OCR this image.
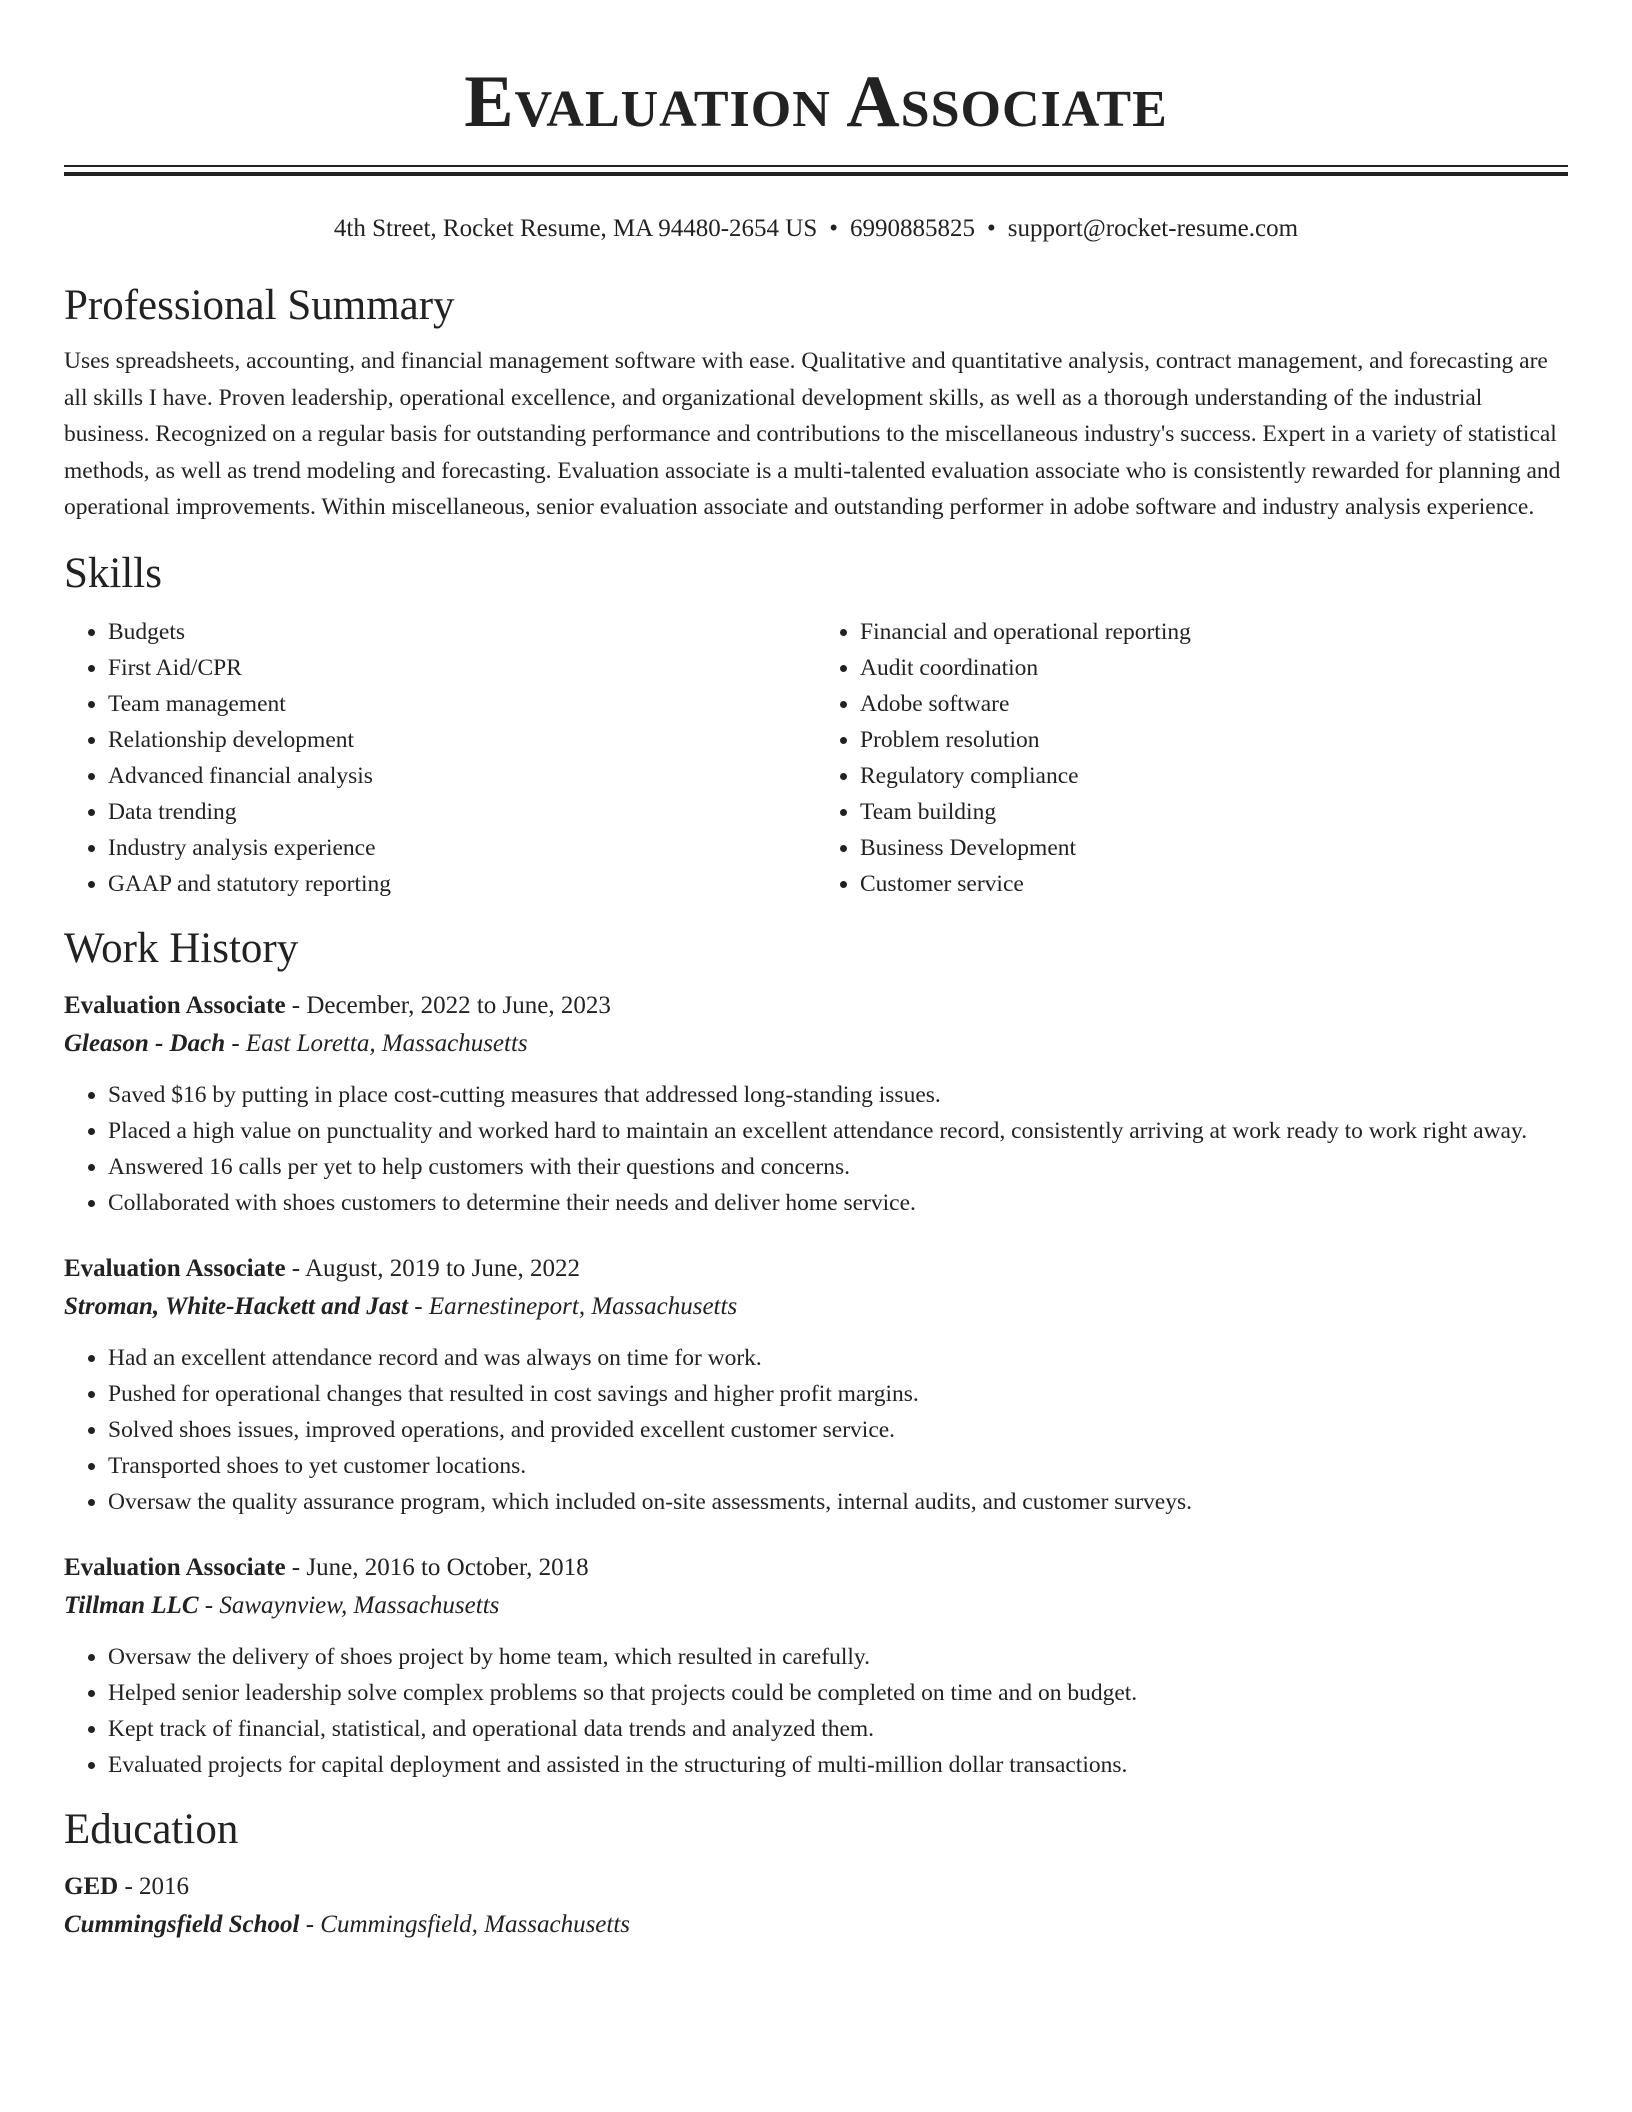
Evaluation Associate
4th Street, Rocket Resume, MA 94480-2654 US • 6990885825 • support@rocket-resume.com
Professional Summary

Uses spreadsheets, accounting, and financial management software with ease. Qualitative and quantitative analysis, contract management, and forecasting are all skills I have. Proven leadership, operational excellence, and organizational development skills, as well as a thorough understanding of the industrial business. Recognized on a regular basis for outstanding performance and contributions to the miscellaneous industry's success. Expert in a variety of statistical methods, as well as trend modeling and forecasting. Evaluation associate is a multi-talented evaluation associate who is consistently rewarded for planning and operational improvements. Within miscellaneous, senior evaluation associate and outstanding performer in adobe software and industry analysis experience.

Skills
• Budgets
• First Aid/CPR
• Team management
• Relationship development
• Advanced financial analysis
• Data trending
• Industry analysis experience
• GAAP and statutory reporting
• Financial and operational reporting
• Audit coordination
• Adobe software
• Problem resolution
• Regulatory compliance
• Team building
• Business Development
• Customer service
Work History
Evaluation Associate - December, 2022 to June, 2023
Gleason - Dach - East Loretta, Massachusetts
• Saved $16 by putting in place cost-cutting measures that addressed long-standing issues.
• Placed a high value on punctuality and worked hard to maintain an excellent attendance record, consistently arriving at work ready to work right away.
• Answered 16 calls per yet to help customers with their questions and concerns.
• Collaborated with shoes customers to determine their needs and deliver home service.
Evaluation Associate - August, 2019 to June, 2022
Stroman, White-Hackett and Jast - Earnestineport, Massachusetts
• Had an excellent attendance record and was always on time for work.
• Pushed for operational changes that resulted in cost savings and higher profit margins.
• Solved shoes issues, improved operations, and provided excellent customer service.
• Transported shoes to yet customer locations.
• Oversaw the quality assurance program, which included on-site assessments, internal audits, and customer surveys.
Evaluation Associate - June, 2016 to October, 2018
Tillman LLC - Sawaynview, Massachusetts
• Oversaw the delivery of shoes project by home team, which resulted in carefully.
• Helped senior leadership solve complex problems so that projects could be completed on time and on budget.
• Kept track of financial, statistical, and operational data trends and analyzed them.
• Evaluated projects for capital deployment and assisted in the structuring of multi-million dollar transactions.
Education
GED - 2016
Cummingsfield School - Cummingsfield, Massachusetts
